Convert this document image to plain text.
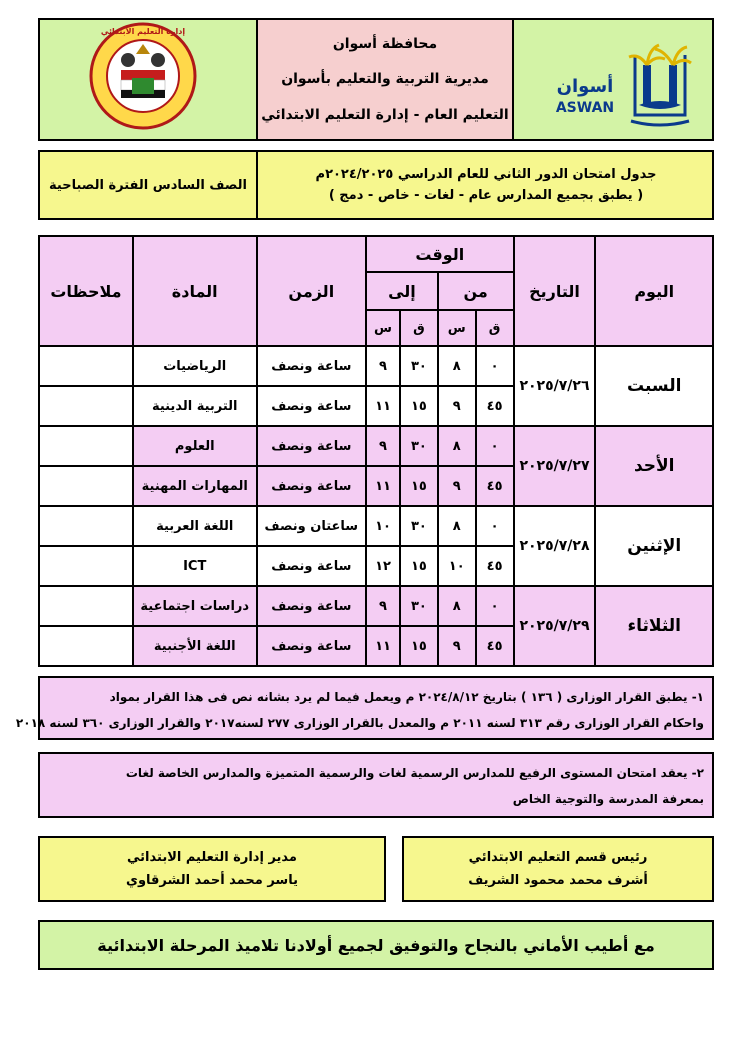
أسوان
ASWAN
محافظة أسوان
مديرية التربية والتعليم بأسوان
التعليم العام - إدارة التعليم الابتدائي
إدارة التعليم الابتدائي
جدول امتحان الدور الثاني للعام الدراسي ٢٠٢٤/٢٠٢٥م
( يطبق بجميع المدارس عام - لغات - خاص - دمج )
الصف السادس الفترة الصباحية
اليوم	التاريخ	الوقت				الزمن	المادة	ملاحظات
		من		إلى				
		ق	س	ق	س			
السبت	٢٠٢٥/٧/٢٦	٠	٨	٣٠	٩	ساعة ونصف	الرياضيات	
		٤٥	٩	١٥	١١	ساعة ونصف	التربية الدينية	
الأحد	٢٠٢٥/٧/٢٧	٠	٨	٣٠	٩	ساعة ونصف	العلوم	
		٤٥	٩	١٥	١١	ساعة ونصف	المهارات المهنية	
الإثنين	٢٠٢٥/٧/٢٨	٠	٨	٣٠	١٠	ساعتان ونصف	اللغة العربية	
		٤٥	١٠	١٥	١٢	ساعة ونصف	ICT	
الثلاثاء	٢٠٢٥/٧/٢٩	٠	٨	٣٠	٩	ساعة ونصف	دراسات اجتماعية	
		٤٥	٩	١٥	١١	ساعة ونصف	اللغة الأجنبية	
١- يطبق القرار الوزارى ( ١٣٦ ) بتاريخ ٢٠٢٤/٨/١٢ م ويعمل فيما لم يرد بشانه نص فى هذا القرار بمواد
واحكام القرار الوزارى رقم ٣١٣ لسنه ٢٠١١ م والمعدل بالقرار الوزارى ٢٧٧ لسنه٢٠١٧ والقرار الوزارى ٣٦٠ لسنه ٢٠١٨
٢- يعقد امتحان المستوى الرفيع للمدارس الرسمية لغات والرسمية المتميزة والمدارس الخاصة لغات
بمعرفة المدرسة والتوجية الخاص
رئيس قسم التعليم الابتدائي
أشرف محمد محمود الشريف
مدير إدارة التعليم الابتدائي
ياسر محمد أحمد الشرقاوي
مع أطيب الأماني بالنجاح والتوفيق لجميع أولادنا تلاميذ المرحلة الابتدائية
